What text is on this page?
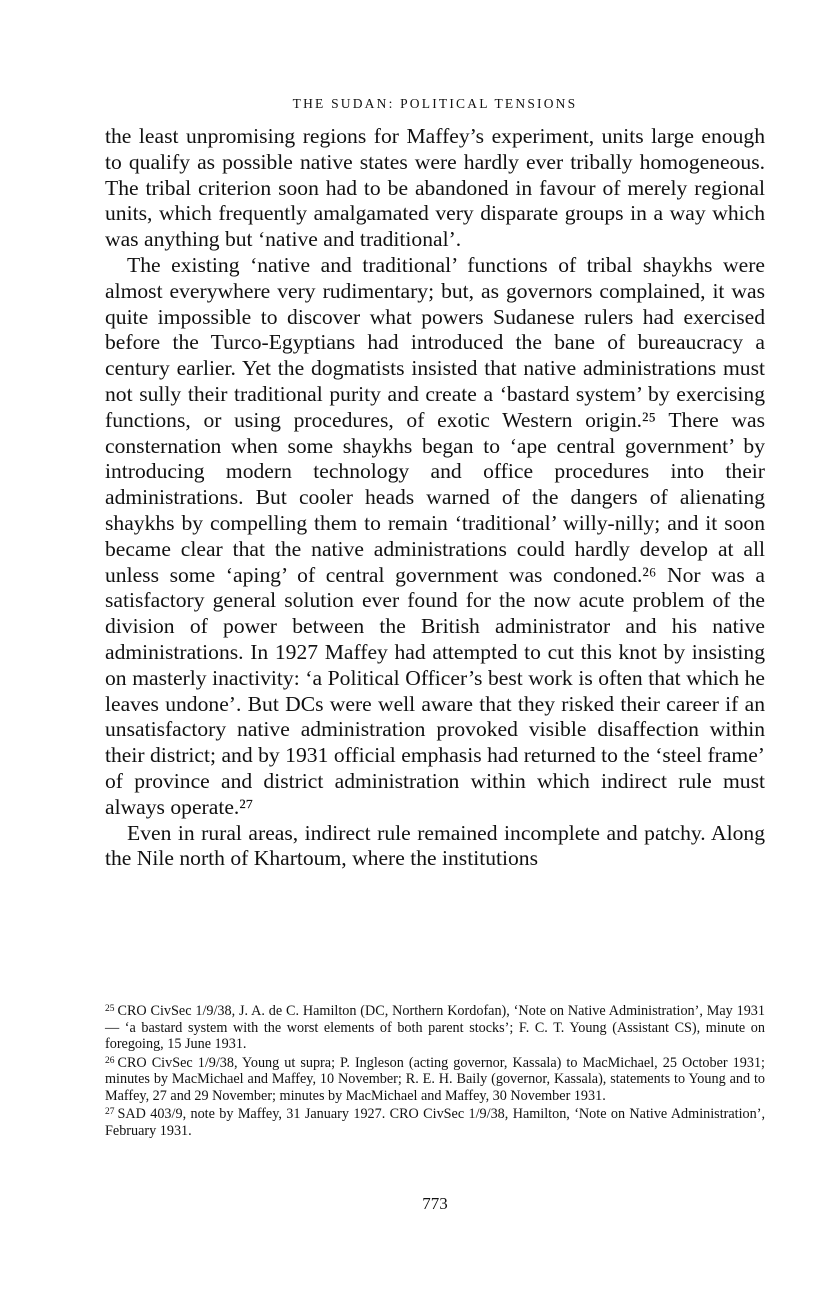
THE SUDAN: POLITICAL TENSIONS

the least unpromising regions for Maffey’s experiment, units large enough to qualify as possible native states were hardly ever tribally homogeneous. The tribal criterion soon had to be abandoned in favour of merely regional units, which frequently amalgamated very disparate groups in a way which was anything but ‘native and traditional’.

The existing ‘native and traditional’ functions of tribal shaykhs were almost everywhere very rudimentary; but, as governors complained, it was quite impossible to discover what powers Sudanese rulers had exercised before the Turco-Egyptians had introduced the bane of bureaucracy a century earlier. Yet the dogmatists insisted that native administrations must not sully their traditional purity and create a ‘bastard system’ by exercising functions, or using procedures, of exotic Western origin.²⁵ There was consternation when some shaykhs began to ‘ape central government’ by introducing modern technology and office procedures into their administrations. But cooler heads warned of the dangers of alienating shaykhs by compelling them to remain ‘traditional’ willy-nilly; and it soon became clear that the native administrations could hardly develop at all unless some ‘aping’ of central government was condoned.²⁶ Nor was a satisfactory general solution ever found for the now acute problem of the division of power between the British administrator and his native administrations. In 1927 Maffey had attempted to cut this knot by insisting on masterly inactivity: ‘a Political Officer’s best work is often that which he leaves undone’. But DCs were well aware that they risked their career if an unsatisfactory native administration provoked visible disaffection within their district; and by 1931 official emphasis had returned to the ‘steel frame’ of province and district administration within which indirect rule must always operate.²⁷

Even in rural areas, indirect rule remained incomplete and patchy. Along the Nile north of Khartoum, where the institutions

$^{25}$ CRO CivSec 1/9/38, J. A. de C. Hamilton (DC, Northern Kordofan), ‘Note on Native Administration’, May 1931 — ‘a bastard system with the worst elements of both parent stocks’; F. C. T. Young (Assistant CS), minute on foregoing, 15 June 1931.

$^{26}$ CRO CivSec 1/9/38, Young ut supra; P. Ingleson (acting governor, Kassala) to MacMichael, 25 October 1931; minutes by MacMichael and Maffey, 10 November; R. E. H. Baily (governor, Kassala), statements to Young and to Maffey, 27 and 29 November; minutes by MacMichael and Maffey, 30 November 1931.

$^{27}$ SAD 403/9, note by Maffey, 31 January 1927. CRO CivSec 1/9/38, Hamilton, ‘Note on Native Administration’, February 1931.

773
